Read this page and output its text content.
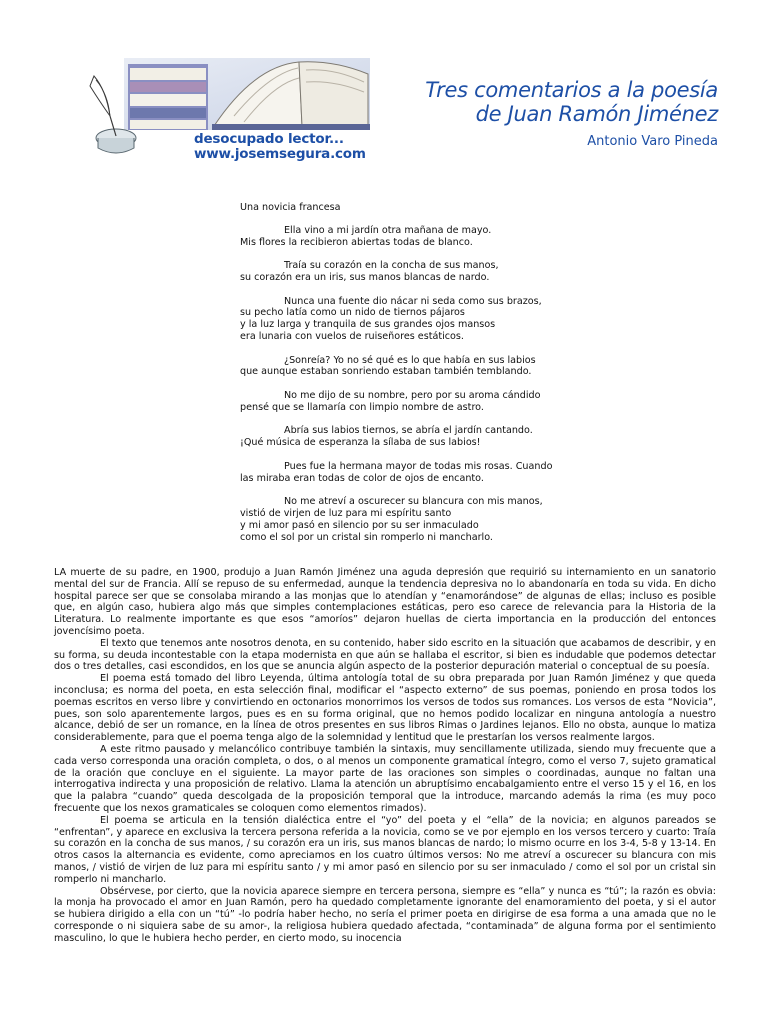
desocupado lector...
www.josemsegura.com
Tres comentarios a la poesía
de Juan Ramón Jiménez
Antonio Varo Pineda
Una novicia francesa
Ella vino a mi jardín otra mañana de mayo.
Mis flores la recibieron abiertas todas de blanco.
Traía su corazón en la concha de sus manos,
su corazón era un iris, sus manos blancas de nardo.
Nunca una fuente dio nácar ni seda como sus brazos,
su pecho latía como un nido de tiernos pájaros
y la luz larga y tranquila de sus grandes ojos mansos
era lunaria con vuelos de ruiseñores estáticos.
¿Sonreía? Yo no sé qué es lo que había en sus labios
que aunque estaban sonriendo estaban también temblando.
No me dijo de su nombre, pero por su aroma cándido
pensé que se llamaría con limpio nombre de astro.
Abría sus labios tiernos, se abría el jardín cantando.
¡Qué música de esperanza la sílaba de sus labios!
Pues fue la hermana mayor de todas mis rosas. Cuando
las miraba eran todas de color de ojos de encanto.
No me atreví a oscurecer su blancura con mis manos,
vistió de virjen de luz para mi espíritu santo
y mi amor pasó en silencio por su ser inmaculado
como el sol por un cristal sin romperlo ni mancharlo.

LA muerte de su padre, en 1900, produjo a Juan Ramón Jiménez una aguda depresión que requirió su internamiento en un sanatorio mental del sur de Francia. Allí se repuso de su enfermedad, aunque la tendencia depresiva no lo abandonaría en toda su vida. En dicho hospital parece ser que se consolaba mirando a las monjas que lo atendían y “enamorándose” de algunas de ellas; incluso es posible que, en algún caso, hubiera algo más que simples contemplaciones estáticas, pero eso carece de relevancia para la Historia de la Literatura. Lo realmente importante es que esos “amoríos” dejaron huellas de cierta importancia en la producción del entonces jovencísimo poeta.

El texto que tenemos ante nosotros denota, en su contenido, haber sido escrito en la situación que acabamos de describir, y en su forma, su deuda incontestable con la etapa modernista en que aún se hallaba el escritor, si bien es indudable que podemos detectar dos o tres detalles, casi escondidos, en los que se anuncia algún aspecto de la posterior depuración material o conceptual de su poesía.

El poema está tomado del libro Leyenda, última antología total de su obra preparada por Juan Ramón Jiménez y que queda inconclusa; es norma del poeta, en esta selección final, modificar el “aspecto externo” de sus poemas, poniendo en prosa todos los poemas escritos en verso libre y convirtiendo en octonarios monorrimos los versos de todos sus romances. Los versos de esta “Novicia”, pues, son solo aparentemente largos, pues es en su forma original, que no hemos podido localizar en ninguna antología a nuestro alcance, debió de ser un romance, en la línea de otros presentes en sus libros Rimas o Jardines lejanos. Ello no obsta, aunque lo matiza considerablemente, para que el poema tenga algo de la solemnidad y lentitud que le prestarían los versos realmente largos.

A este ritmo pausado y melancólico contribuye también la sintaxis, muy sencillamente utilizada, siendo muy frecuente que a cada verso corresponda una oración completa, o dos, o al menos un componente gramatical íntegro, como el verso 7, sujeto gramatical de la oración que concluye en el siguiente. La mayor parte de las oraciones son simples o coordinadas, aunque no faltan una interrogativa indirecta y una proposición de relativo. Llama la atención un abruptísimo encabalgamiento entre el verso 15 y el 16, en los que la palabra “cuando” queda descolgada de la proposición temporal que la introduce, marcando además la rima (es muy poco frecuente que los nexos gramaticales se coloquen como elementos rimados).

El poema se articula en la tensión dialéctica entre el “yo” del poeta y el “ella” de la novicia; en algunos pareados se “enfrentan”, y aparece en exclusiva la tercera persona referida a la novicia, como se ve por ejemplo en los versos tercero y cuarto: Traía su corazón en la concha de sus manos, / su corazón era un iris, sus manos blancas de nardo; lo mismo ocurre en los 3-4, 5-8 y 13-14. En otros casos la alternancia es evidente, como apreciamos en los cuatro últimos versos: No me atreví a oscurecer su blancura con mis manos, / vistió de virjen de luz para mi espíritu santo / y mi amor pasó en silencio por su ser inmaculado / como el sol por un cristal sin romperlo ni mancharlo.

Obsérvese, por cierto, que la novicia aparece siempre en tercera persona, siempre es “ella” y nunca es “tú”; la razón es obvia: la monja ha provocado el amor en Juan Ramón, pero ha quedado completamente ignorante del enamoramiento del poeta, y si el autor se hubiera dirigido a ella con un “tú” -lo podría haber hecho, no sería el primer poeta en dirigirse de esa forma a una amada que no le corresponde o ni siquiera sabe de su amor-, la religiosa hubiera quedado afectada, “contaminada” de alguna forma por el sentimiento masculino, lo que le hubiera hecho perder, en cierto modo, su inocencia
